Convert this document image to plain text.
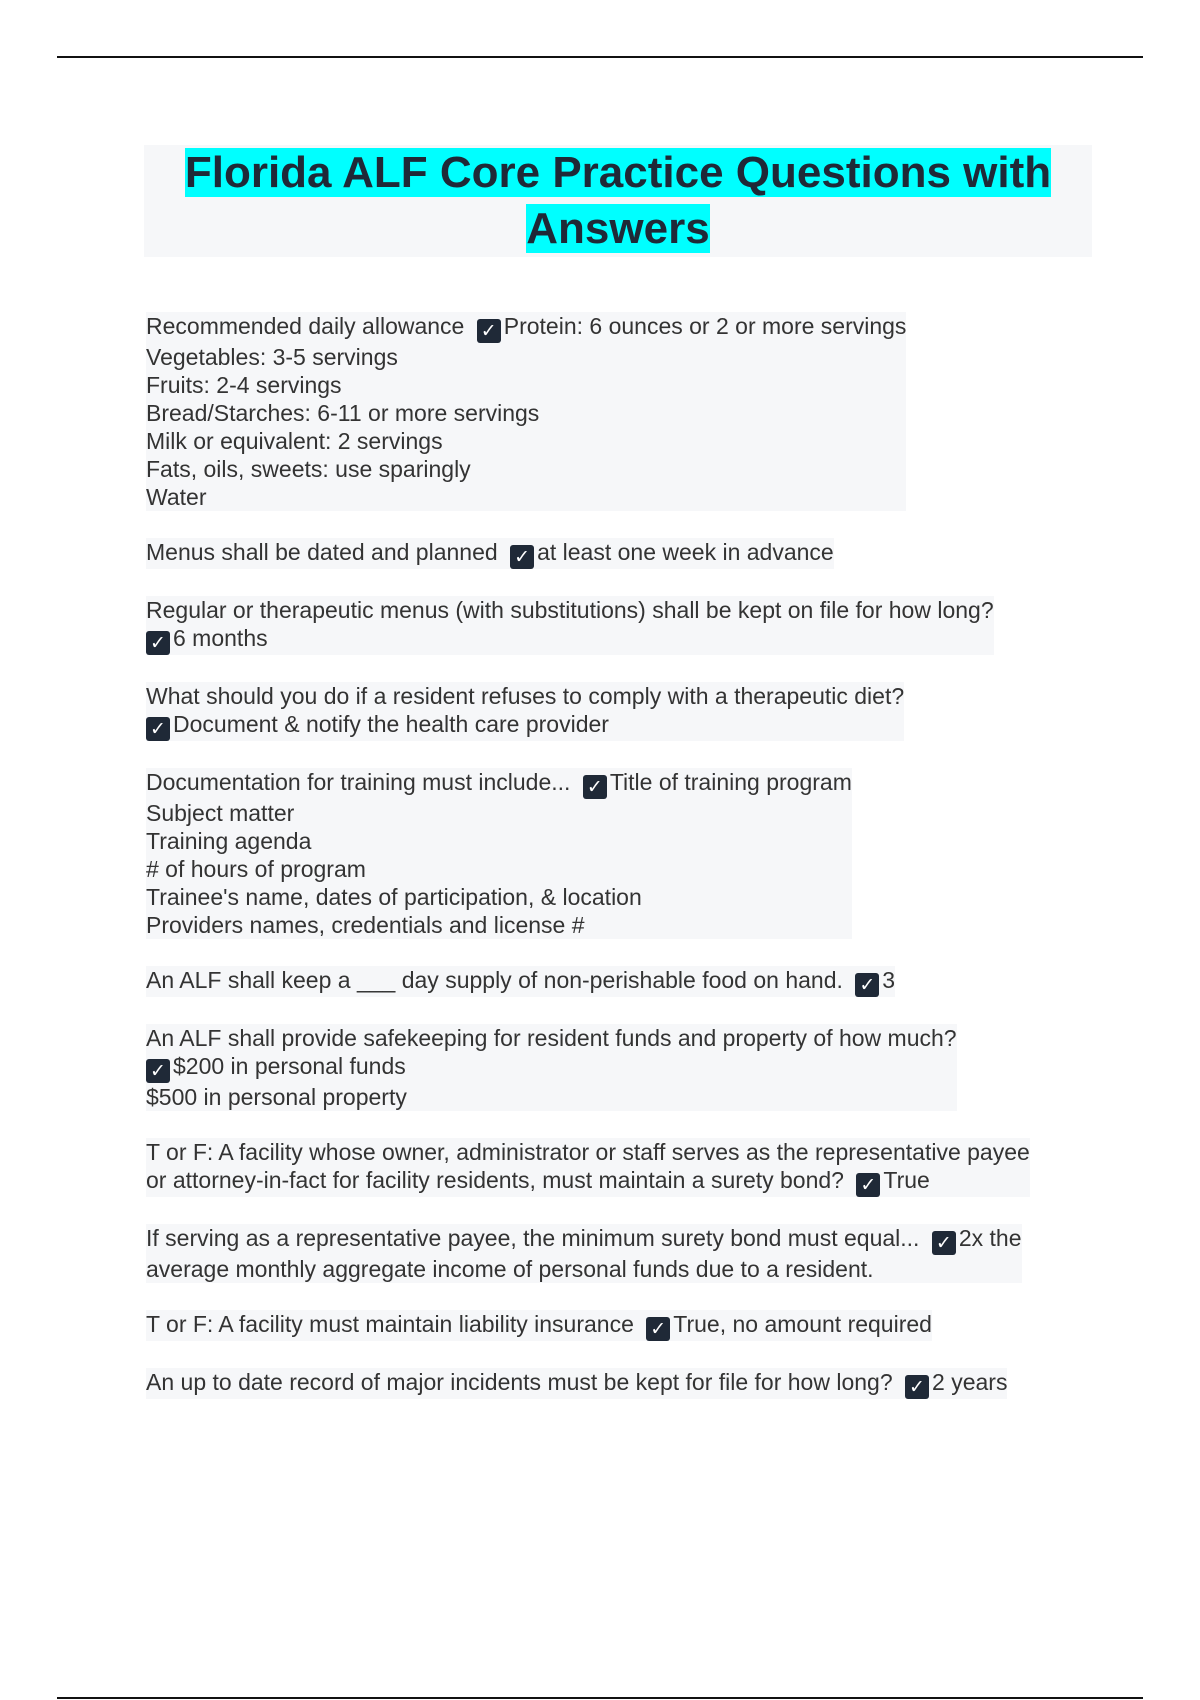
Florida ALF Core Practice Questions with Answers
Recommended daily allowance ✓ Protein: 6 ounces or 2 or more servings
Vegetables: 3-5 servings
Fruits: 2-4 servings
Bread/Starches: 6-11 or more servings
Milk or equivalent: 2 servings
Fats, oils, sweets: use sparingly
Water
Menus shall be dated and planned ✓ at least one week in advance
Regular or therapeutic menus (with substitutions) shall be kept on file for how long?
✓ 6 months
What should you do if a resident refuses to comply with a therapeutic diet?
✓ Document & notify the health care provider
Documentation for training must include... ✓ Title of training program
Subject matter
Training agenda
# of hours of program
Trainee's name, dates of participation, & location
Providers names, credentials and license #
An ALF shall keep a ___ day supply of non-perishable food on hand. ✓ 3
An ALF shall provide safekeeping for resident funds and property of how much?
✓ $200 in personal funds
$500 in personal property
T or F: A facility whose owner, administrator or staff serves as the representative payee
or attorney-in-fact for facility residents, must maintain a surety bond? ✓ True
If serving as a representative payee, the minimum surety bond must equal... ✓ 2x the
average monthly aggregate income of personal funds due to a resident.
T or F: A facility must maintain liability insurance ✓ True, no amount required
An up to date record of major incidents must be kept for file for how long? ✓ 2 years
